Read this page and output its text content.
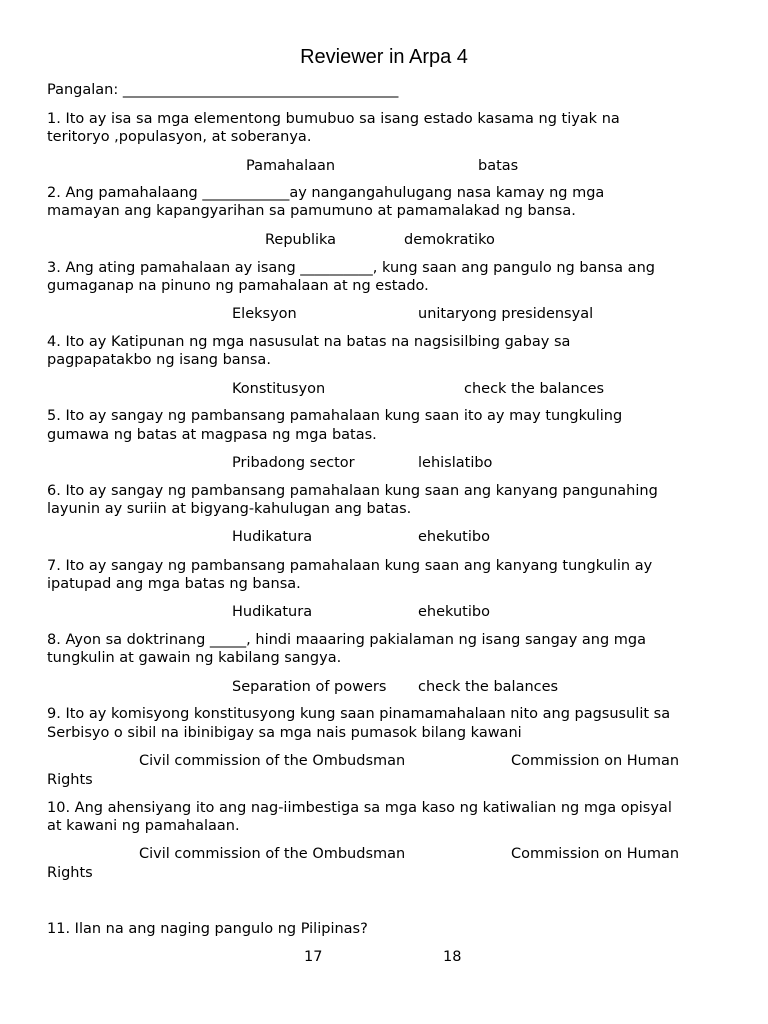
Reviewer in Arpa 4
Pangalan: ______________________________________
1. Ito ay isa sa mga elementong bumubuo sa isang estado kasama ng tiyak na
teritoryo ,populasyon, at soberanya.
Pamahalaan	batas
2. Ang pamahalaang ____________ay nangangahulugang nasa kamay ng mga
mamayan ang kapangyarihan sa pamumuno at pamamalakad ng bansa.
Republika	demokratiko
3. Ang ating pamahalaan ay isang __________, kung saan ang pangulo ng bansa ang
gumaganap na pinuno ng pamahalaan at ng estado.
Eleksyon	unitaryong presidensyal
4. Ito ay Katipunan ng mga nasusulat na batas na nagsisilbing gabay sa
pagpapatakbo ng isang bansa.
Konstitusyon	check the balances
5. Ito ay sangay ng pambansang pamahalaan kung saan ito ay may tungkuling
gumawa ng batas at magpasa ng mga batas.
Pribadong sector	lehislatibo
6. Ito ay sangay ng pambansang pamahalaan kung saan ang kanyang pangunahing
layunin ay suriin at bigyang-kahulugan ang batas.
Hudikatura	ehekutibo
7. Ito ay sangay ng pambansang pamahalaan kung saan ang kanyang tungkulin ay
ipatupad ang mga batas ng bansa.
Hudikatura	ehekutibo
8. Ayon sa doktrinang _____, hindi maaaring pakialaman ng isang sangay ang mga
tungkulin at gawain ng kabilang sangya.
Separation of powers check the balances
9. Ito ay komisyong konstitusyong kung saan pinamamahalaan nito ang pagsusulit sa
Serbisyo o sibil na ibinibigay sa mga nais pumasok bilang kawani
Civil commission of the Ombudsman	Commission on Human
Rights
10. Ang ahensiyang ito ang nag-iimbestiga sa mga kaso ng katiwalian ng mga opisyal
at kawani ng pamahalaan.
Civil commission of the Ombudsman	Commission on Human
Rights
11. Ilan na ang naging pangulo ng Pilipinas?
17	18
